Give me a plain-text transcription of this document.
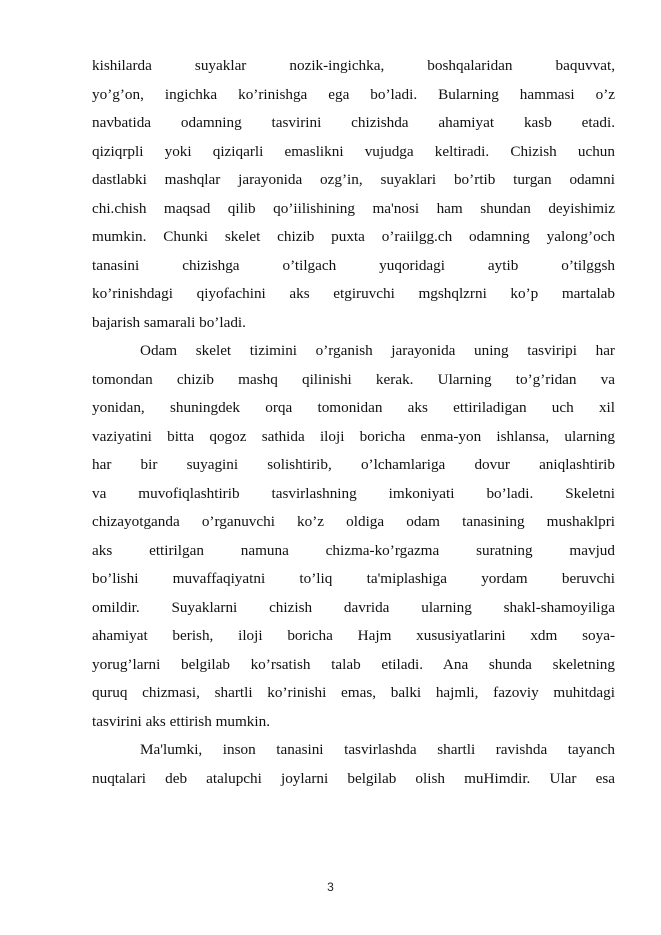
kishilarda suyaklar nozik-ingichka, boshqalaridan baquvvat,
yo’g’on, ingichka ko’rinishga ega bo’ladi. Bularning hammasi o’z
navbatida odamning tasvirini chizishda ahamiyat kasb etadi.
qiziqrpli yoki qiziqarli emaslikni vujudga keltiradi. Chizish uchun
dastlabki mashqlar jarayonida ozg’in, suyaklari bo’rtib turgan odamni
chi.chish maqsad qilib qo’iilishining ma'nosi ham shundan deyishimiz
mumkin. Chunki skelet chizib puxta o’raiilgg.ch odamning yalong’och
tanasini chizishga o’tilgach yuqoridagi aytib o’tilggsh
ko’rinishdagi qiyofachini aks etgiruvchi mgshqlzrni ko’p martalab
bajarish samarali bo’ladi.
Odam skelet tizimini o’rganish jarayonida uning tasviripi har
tomondan chizib mashq qilinishi kerak. Ularning to’g’ridan va
yonidan, shuningdek orqa tomonidan aks ettiriladigan uch xil
vaziyatini bitta qogoz sathida iloji boricha enma-yon ishlansa, ularning
har bir suyagini solishtirib, o’lchamlariga dovur aniqlashtirib
va muvofiqlashtirib tasvirlashning imkoniyati bo’ladi. Skeletni
chizayotganda o’rganuvchi ko’z oldiga odam tanasining mushaklpri
aks ettirilgan namuna chizma-ko’rgazma suratning mavjud
bo’lishi muvaffaqiyatni to’liq ta'miplashiga yordam beruvchi
omildir. Suyaklarni chizish davrida ularning shakl-shamoyiliga
ahamiyat berish, iloji boricha Hajm xususiyatlarini xdm soya-
yorug’larni belgilab ko’rsatish talab etiladi. Ana shunda skeletning
quruq chizmasi, shartli ko’rinishi emas, balki hajmli, fazoviy muhitdagi
tasvirini aks ettirish mumkin.
Ma'lumki, inson tanasini tasvirlashda shartli ravishda tayanch
nuqtalari deb atalupchi joylarni belgilab olish muHimdir. Ular esa
3
